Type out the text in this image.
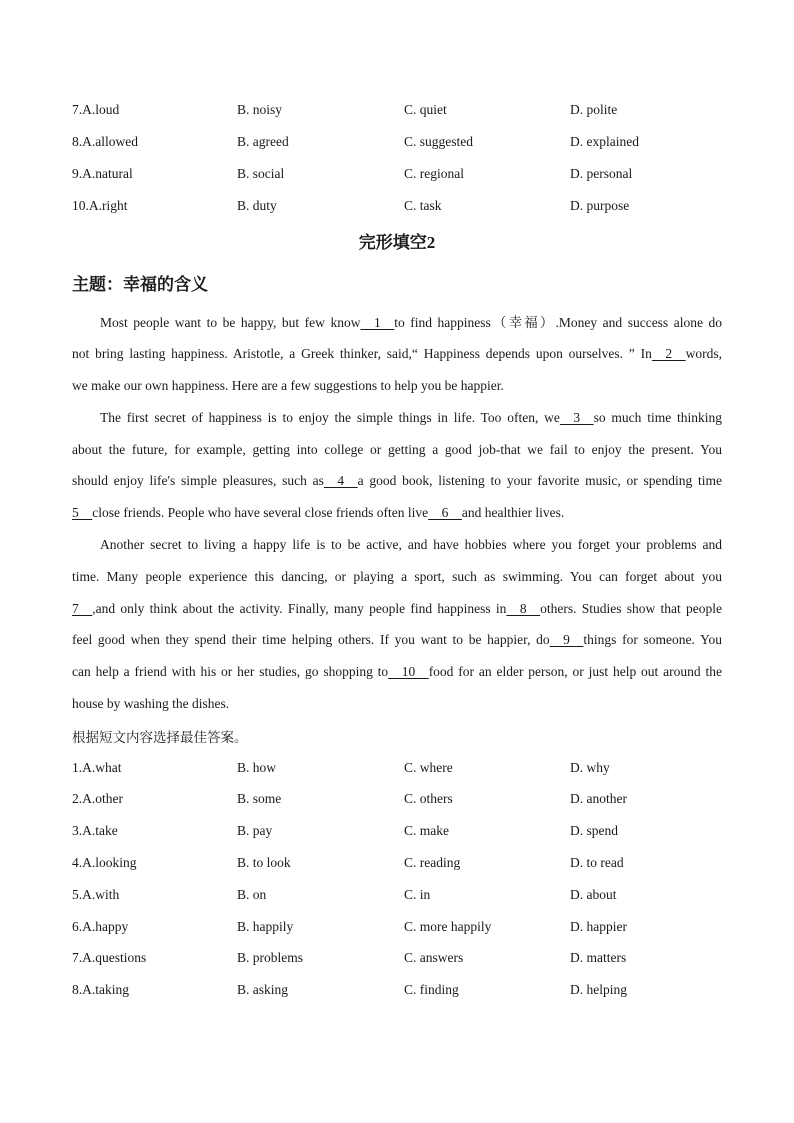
7.A.loud	B. noisy	C. quiet	D. polite
8.A.allowed	B. agreed	C. suggested	D. explained
9.A.natural	B. social	C. regional	D. personal
10.A.right	B. duty	C. task	D. purpose
完形填空2
主题：幸福的含义
Most people want to be happy, but few know    1    to find happiness（幸福）.Money and success alone do
not bring lasting happiness. Aristotle, a Greek thinker, said,“ Happiness depends upon ourselves. ” In    2    words,
we make our own happiness. Here are a few suggestions to help you be happier.
The first secret of happiness is to enjoy the simple things in life. Too often, we    3    so much time thinking
about the future, for example, getting into college or getting a good job-that we fail to enjoy the present. You
should enjoy life's simple pleasures, such as    4    a good book, listening to your favorite music, or spending time
5    close friends. People who have several close friends often live    6    and healthier lives.
Another secret to living a happy life is to be active, and have hobbies where you forget your problems and
time. Many people experience this dancing, or playing a sport, such as swimming. You can forget about you
7    ,and only think about the activity. Finally, many people find happiness in    8    others. Studies show that people
feel good when they spend their time helping others. If you want to be happier, do    9    things for someone. You
can help a friend with his or her studies, go shopping to    10    food for an elder person, or just help out around the
house by washing the dishes.
根据短文内容选择最佳答案。
1.A.what	B. how	C. where	D. why
2.A.other	B. some	C. others	D. another
3.A.take	B. pay	C. make	D. spend
4.A.looking	B. to look	C. reading	D. to read
5.A.with	B. on	C. in	D. about
6.A.happy	B. happily	C. more happily	D. happier
7.A.questions	B. problems	C. answers	D. matters
8.A.taking	B. asking	C. finding	D. helping
